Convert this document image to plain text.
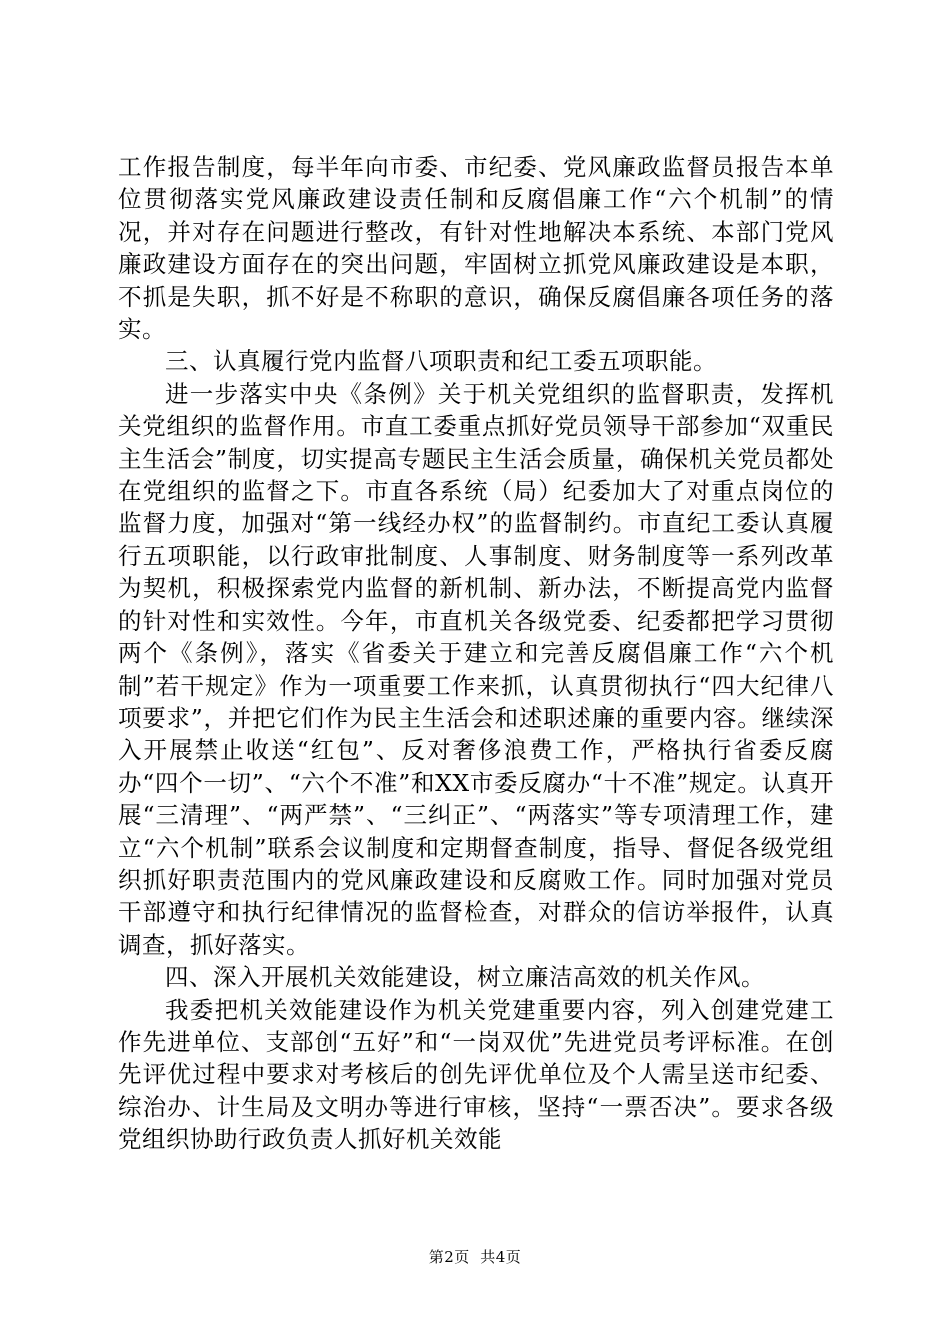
工作报告制度，每半年向市委、市纪委、党风廉政监督员报告本单位贯彻落实党风廉政建设责任制和反腐倡廉工作“六个机制”的情况，并对存在问题进行整改，有针对性地解决本系统、本部门党风廉政建设方面存在的突出问题，牢固树立抓党风廉政建设是本职，不抓是失职，抓不好是不称职的意识，确保反腐倡廉各项任务的落实。

三、认真履行党内监督八项职责和纪工委五项职能。

进一步落实中央《条例》关于机关党组织的监督职责，发挥机关党组织的监督作用。市直工委重点抓好党员领导干部参加“双重民主生活会”制度，切实提高专题民主生活会质量，确保机关党员都处在党组织的监督之下。市直各系统（局）纪委加大了对重点岗位的监督力度，加强对“第一线经办权”的监督制约。市直纪工委认真履行五项职能，以行政审批制度、人事制度、财务制度等一系列改革为契机，积极探索党内监督的新机制、新办法，不断提高党内监督的针对性和实效性。今年，市直机关各级党委、纪委都把学习贯彻两个《条例》，落实《省委关于建立和完善反腐倡廉工作“六个机制”若干规定》作为一项重要工作来抓，认真贯彻执行“四大纪律八项要求”，并把它们作为民主生活会和述职述廉的重要内容。继续深入开展禁止收送“红包”、反对奢侈浪费工作，严格执行省委反腐办“四个一切”、“六个不准”和XX市委反腐办“十不准”规定。认真开展“三清理”、“两严禁”、“三纠正”、“两落实”等专项清理工作，建立“六个机制”联系会议制度和定期督查制度，指导、督促各级党组织抓好职责范围内的党风廉政建设和反腐败工作。同时加强对党员干部遵守和执行纪律情况的监督检查，对群众的信访举报件，认真调查，抓好落实。

四、深入开展机关效能建设，树立廉洁高效的机关作风。

我委把机关效能建设作为机关党建重要内容，列入创建党建工作先进单位、支部创“五好”和“一岗双优”先进党员考评标准。在创先评优过程中要求对考核后的创先评优单位及个人需呈送市纪委、综治办、计生局及文明办等进行审核，坚持“一票否决”。要求各级党组织协助行政负责人抓好机关效能

第2页  共4页
